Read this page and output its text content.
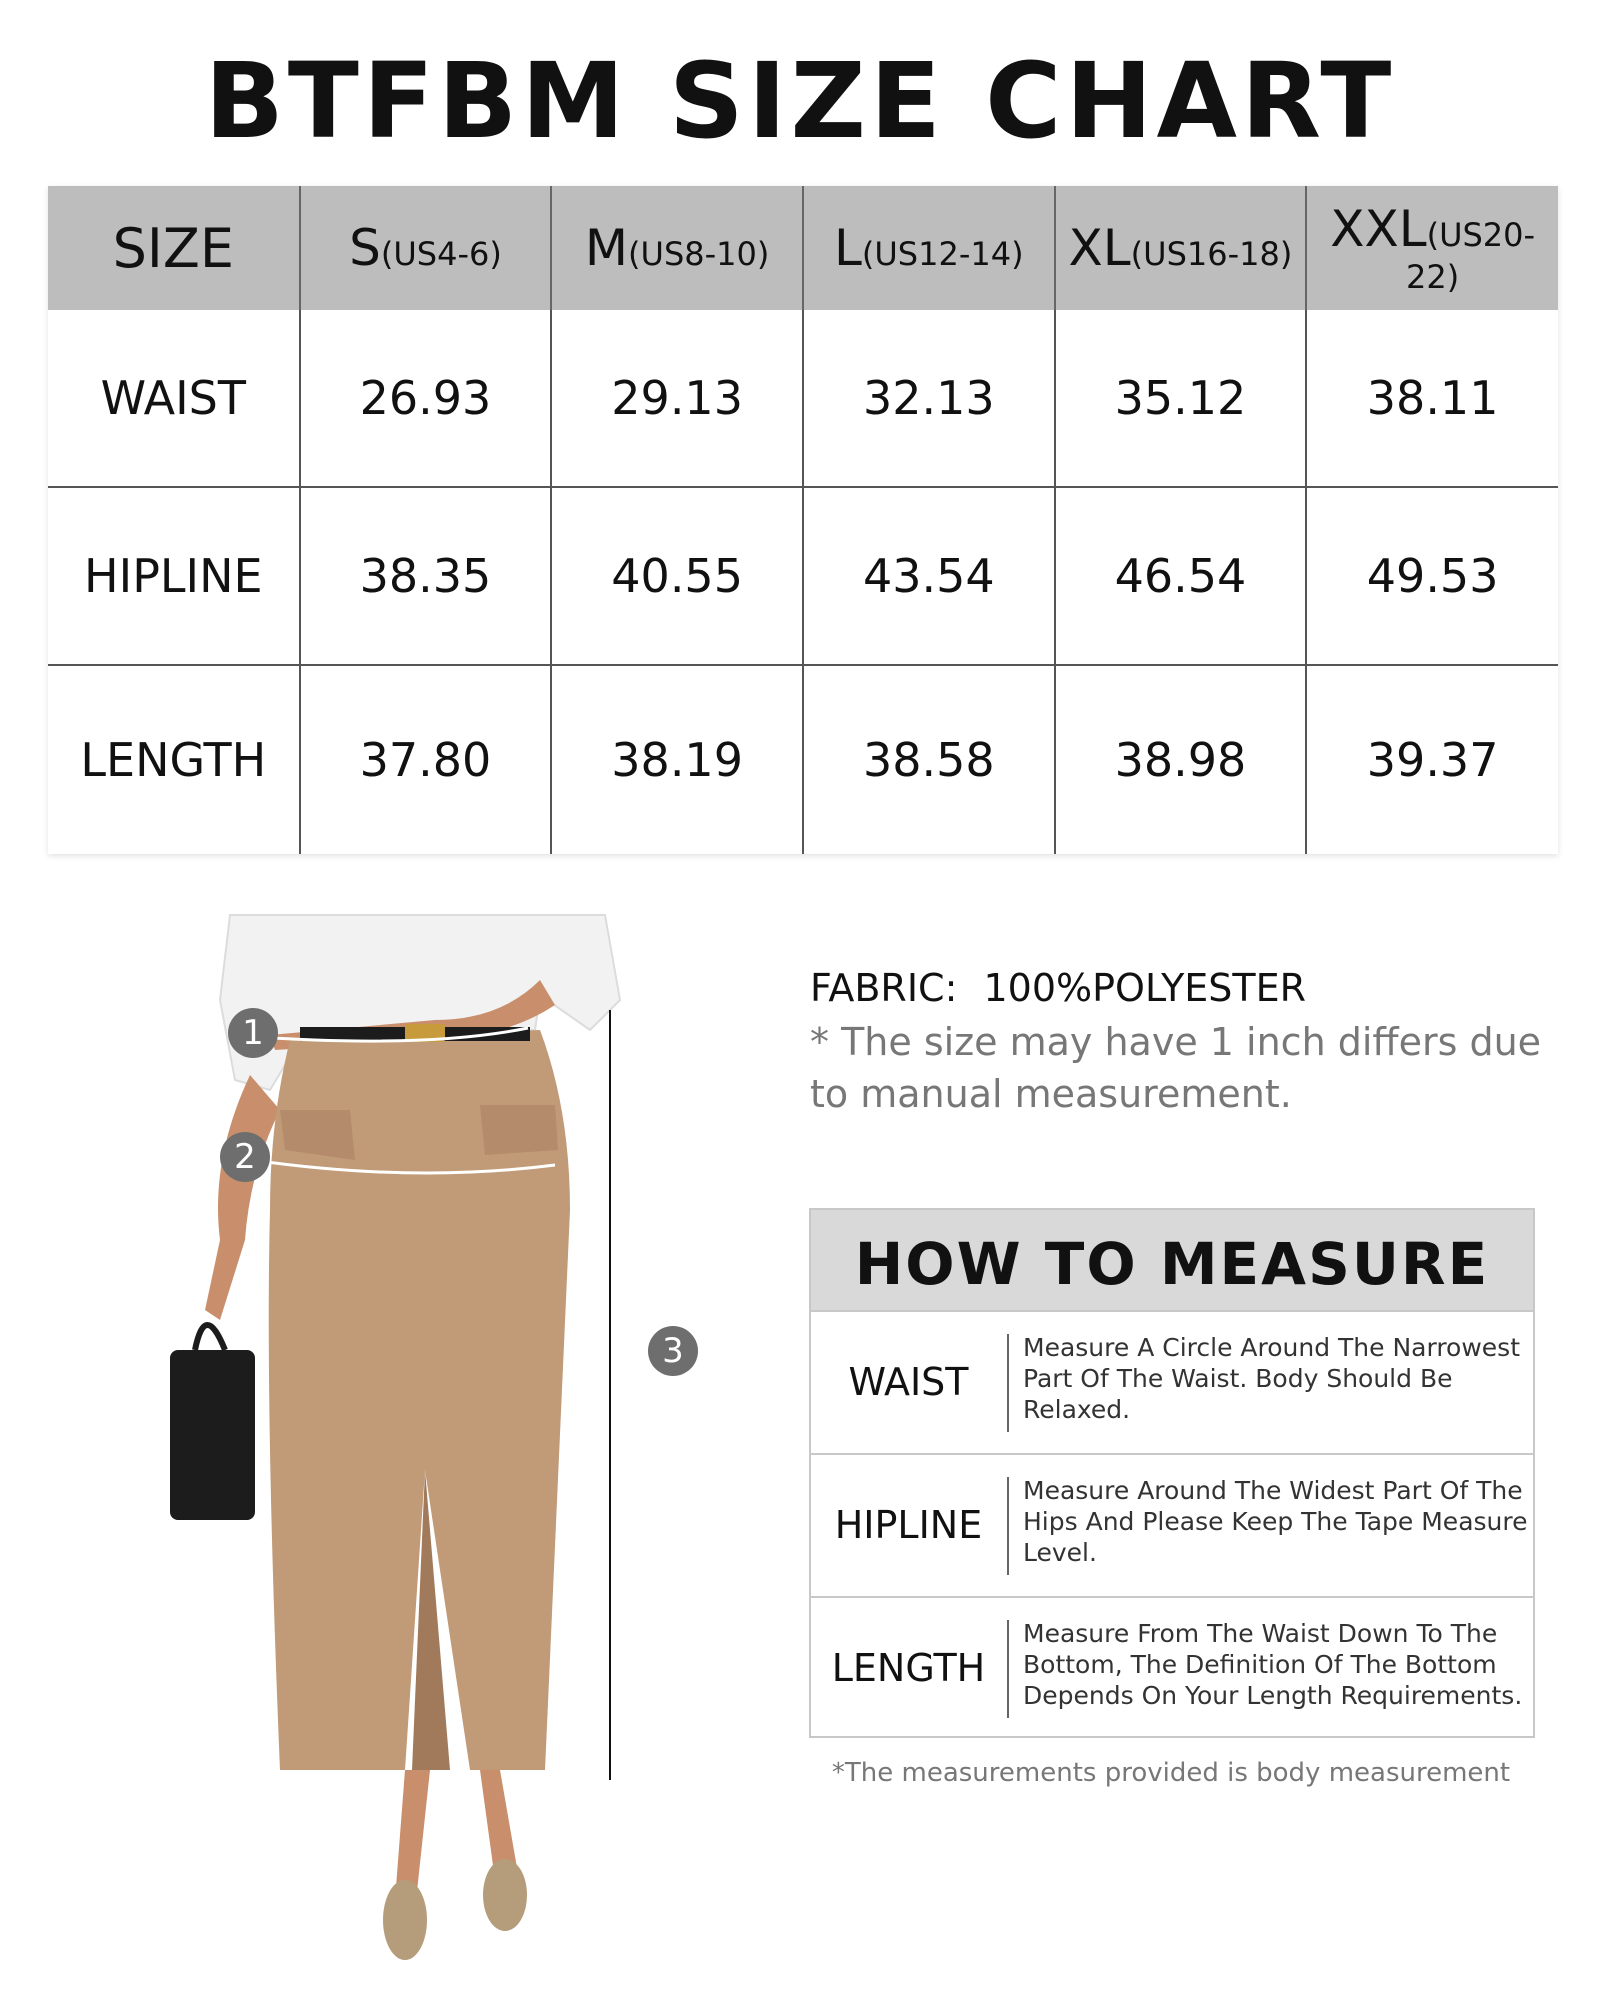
BTFBM SIZE CHART
SIZE	S(US4-6)	M(US8-10)	L(US12-14)	XL(US16-18)	XXL(US20-22)
WAIST	26.93	29.13	32.13	35.12	38.11
HIPLINE	38.35	40.55	43.54	46.54	49.53
LENGTH	37.80	38.19	38.58	38.98	39.37
1
2
3
FABRIC: 100%POLYESTER
* The size may have 1 inch differs due to manual measurement.
HOW TO MEASURE
WAIST
Measure A Circle Around The Narrowest Part Of The Waist. Body Should Be Relaxed.
HIPLINE
Measure Around The Widest Part Of The Hips And Please Keep The Tape Measure Level.
LENGTH
Measure From The Waist Down To The Bottom, The Definition Of The Bottom Depends On Your Length Requirements.
*The measurements provided is body measurement
